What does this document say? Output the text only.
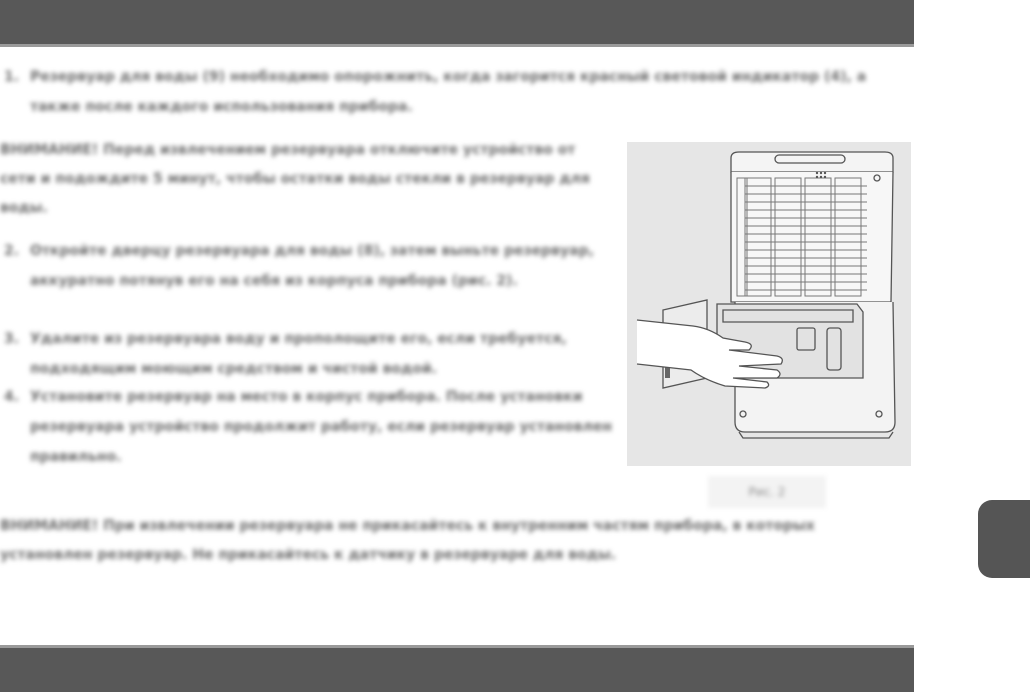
1. Резервуар для воды (9) необходимо опорожнить, когда загорится красный световой индикатор (4), а также после каждого использования прибора.

ВНИМАНИЕ! Перед извлечением резервуара отключите устройство от сети и подождите 5 минут, чтобы остатки воды стекли в резервуар для воды.

2. Откройте дверцу резервуара для воды (8), затем выньте резервуар, аккуратно потянув его на себя из корпуса прибора (рис. 2).

3. Удалите из резервуара воду и прополощите его, если требуется, подходящим моющим средством и чистой водой.

4. Установите резервуар на место в корпус прибора. После установки резервуара устройство продолжит работу, если резервуар установлен правильно.

ВНИМАНИЕ! При извлечении резервуара не прикасайтесь к внутренним частям прибора, в которых установлен резервуар. Не прикасайтесь к датчику в резервуаре для воды.

Рис. 2
